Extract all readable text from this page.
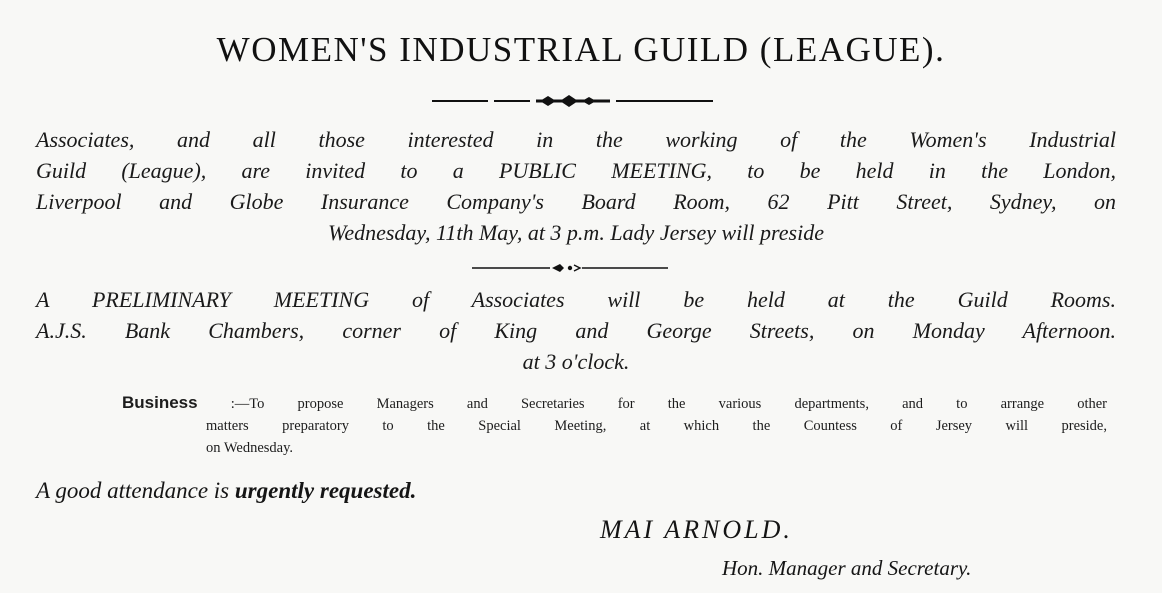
WOMEN'S INDUSTRIAL GUILD (LEAGUE).
Associates, and all those interested in the working of the Women's Industrial
Guild (League), are invited to a PUBLIC MEETING, to be held in the London,
Liverpool and Globe Insurance Company's Board Room, 62 Pitt Street, Sydney, on
Wednesday, 11th May, at 3 p.m. Lady Jersey will preside
A PRELIMINARY MEETING of Associates will be held at the Guild Rooms.
A.J.S. Bank Chambers, corner of King and George Streets, on Monday Afternoon.
at 3 o'clock.
Business :—To propose Managers and Secretaries for the various departments, and to arrange other
matters preparatory to the Special Meeting, at which the Countess of Jersey will preside,
on Wednesday.
A good attendance is urgently requested.
MAI ARNOLD.
Hon. Manager and Secretary.
